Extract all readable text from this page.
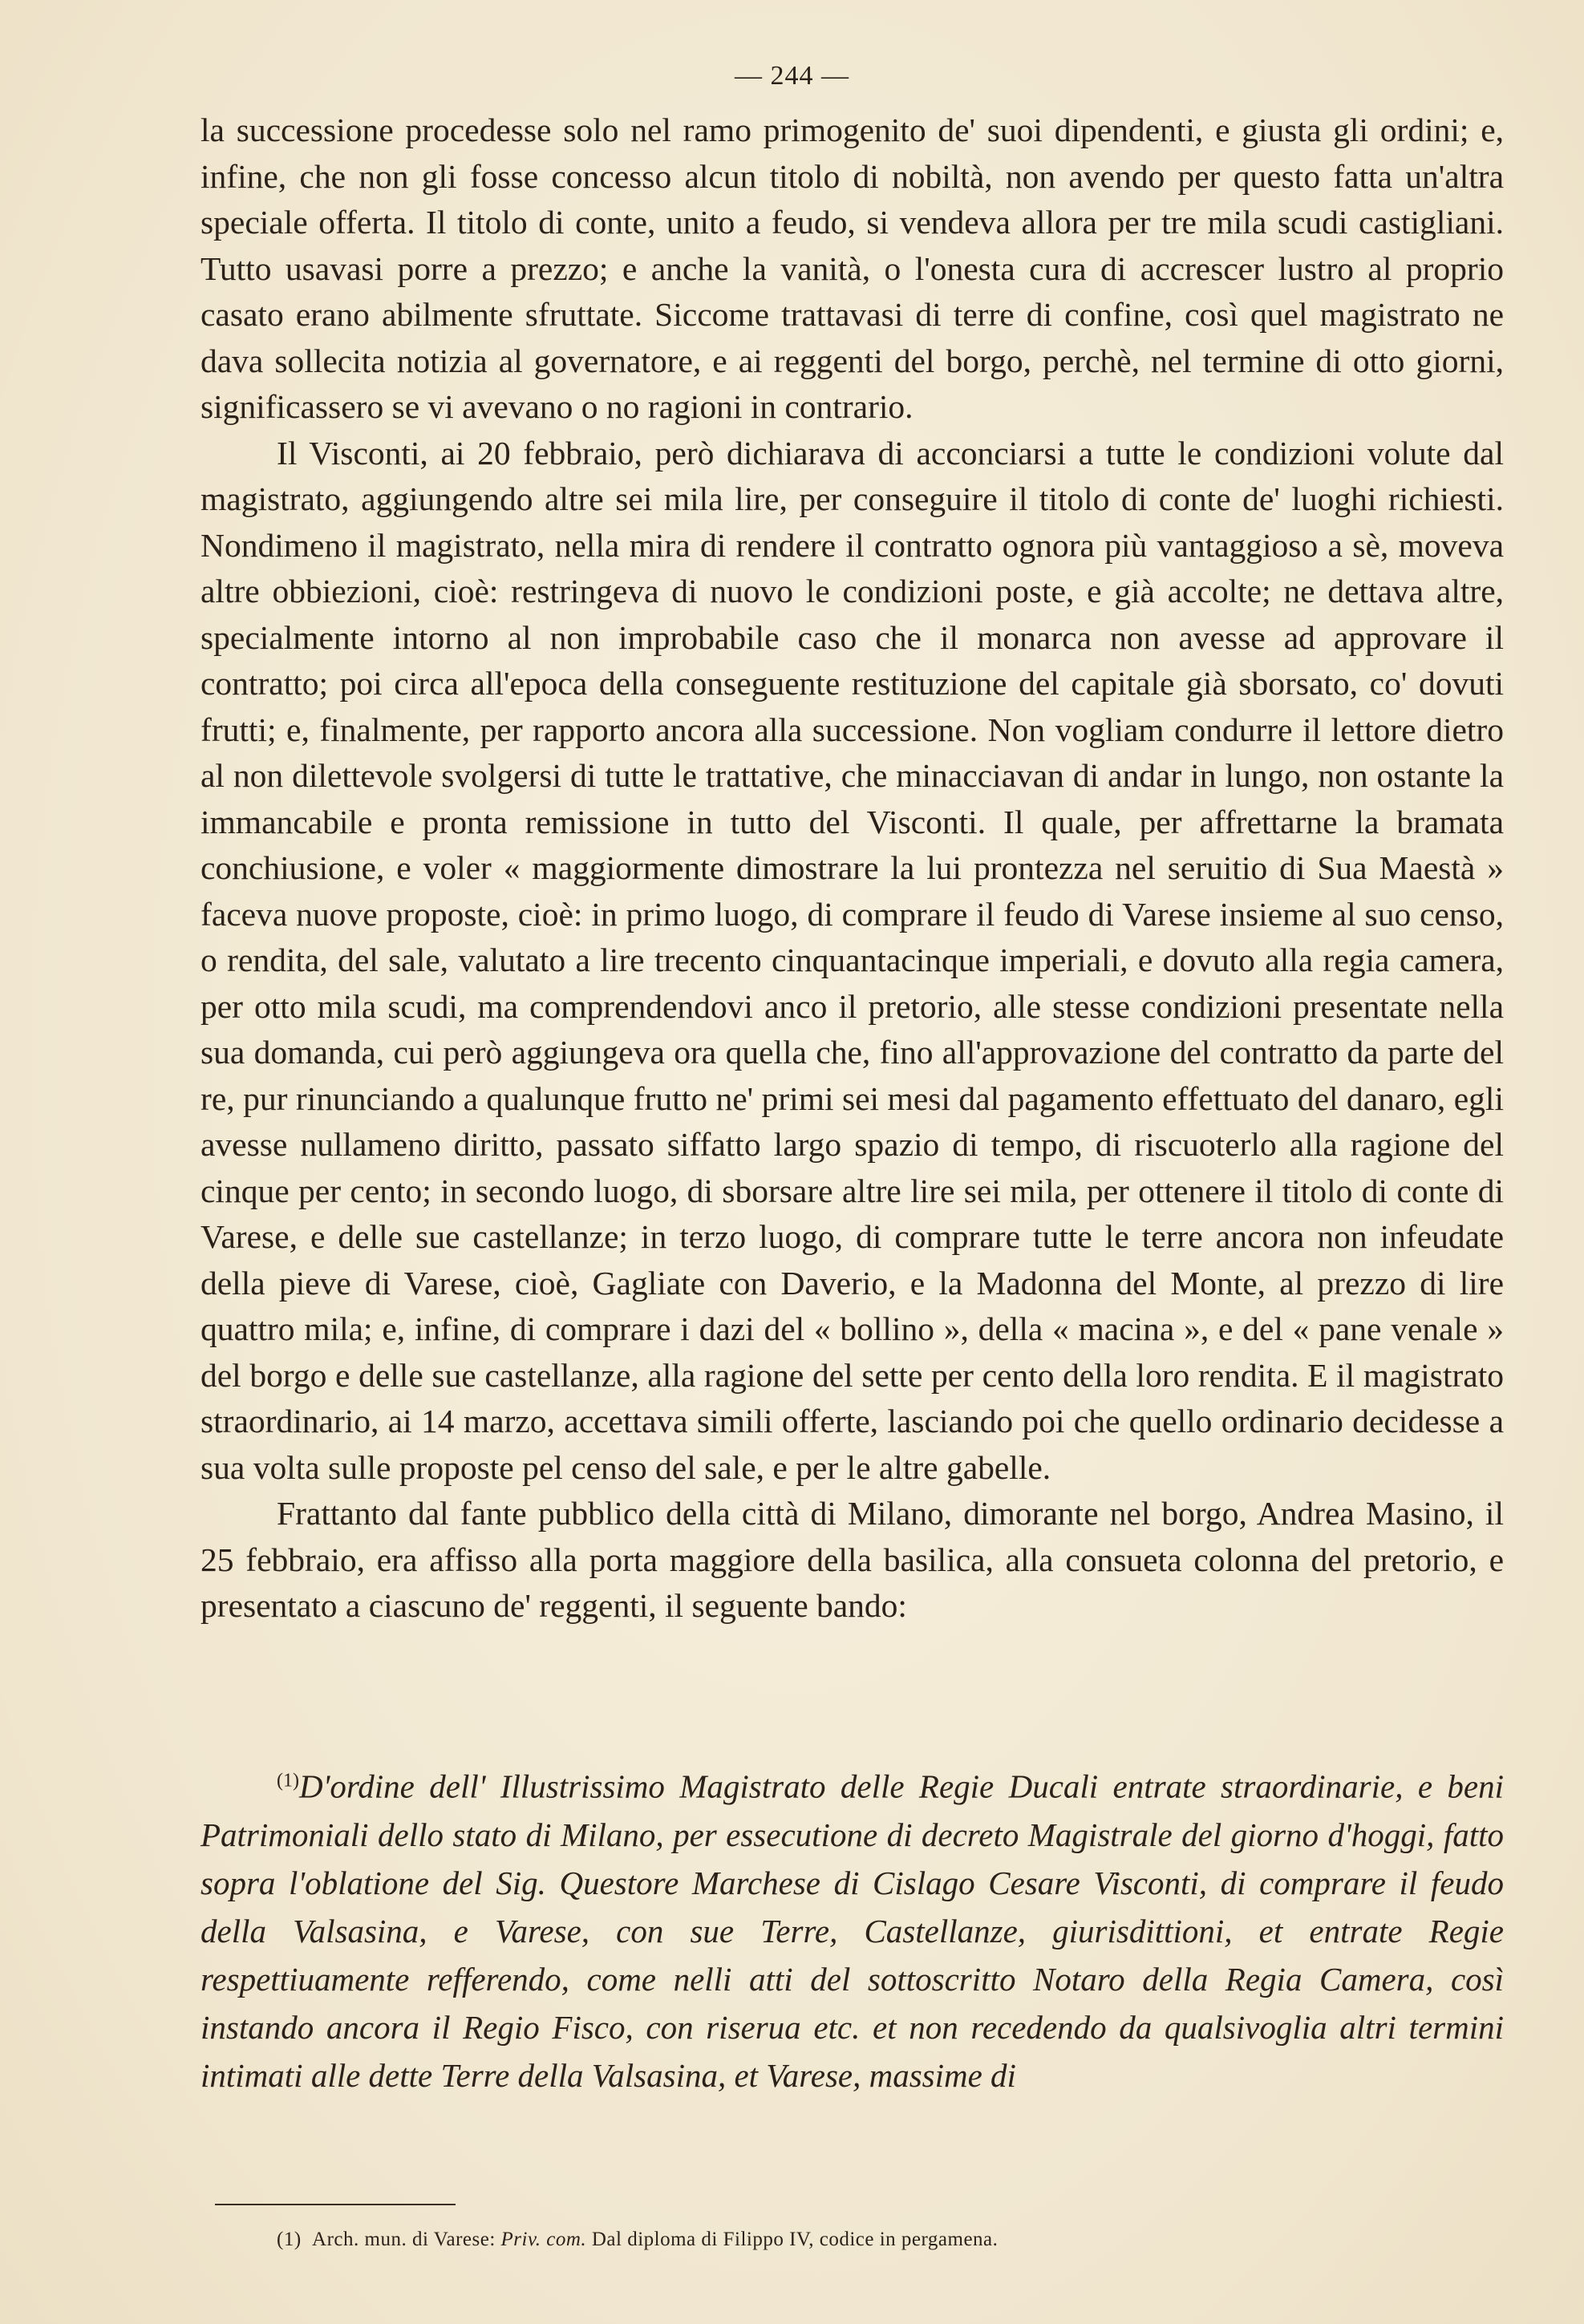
— 244 —

la successione procedesse solo nel ramo primogenito de' suoi dipendenti, e giusta gli ordini; e, infine, che non gli fosse concesso alcun titolo di nobiltà, non avendo per questo fatta un'altra speciale offerta. Il titolo di conte, unito a feudo, si vendeva allora per tre mila scudi castigliani. Tutto usavasi porre a prezzo; e anche la vanità, o l'onesta cura di accrescer lustro al proprio casato erano abilmente sfruttate. Siccome trattavasi di terre di confine, così quel magistrato ne dava sollecita notizia al governatore, e ai reggenti del borgo, perchè, nel termine di otto giorni, significassero se vi avevano o no ragioni in contrario.

Il Visconti, ai 20 febbraio, però dichiarava di acconciarsi a tutte le condizioni volute dal magistrato, aggiungendo altre sei mila lire, per conseguire il titolo di conte de' luoghi richiesti. Nondimeno il magistrato, nella mira di rendere il contratto ognora più vantaggioso a sè, moveva altre obbiezioni, cioè: restringeva di nuovo le condizioni poste, e già accolte; ne dettava altre, specialmente intorno al non improbabile caso che il monarca non avesse ad approvare il contratto; poi circa all'epoca della conseguente restituzione del capitale già sborsato, co' dovuti frutti; e, finalmente, per rapporto ancora alla successione. Non vogliam condurre il lettore dietro al non dilettevole svolgersi di tutte le trattative, che minacciavan di andar in lungo, non ostante la immancabile e pronta remissione in tutto del Visconti. Il quale, per affrettarne la bramata conchiusione, e voler « maggiormente dimostrare la lui prontezza nel seruitio di Sua Maestà » faceva nuove proposte, cioè: in primo luogo, di comprare il feudo di Varese insieme al suo censo, o rendita, del sale, valutato a lire trecento cinquantacinque imperiali, e dovuto alla regia camera, per otto mila scudi, ma comprendendovi anco il pretorio, alle stesse condizioni presentate nella sua domanda, cui però aggiungeva ora quella che, fino all'approvazione del contratto da parte del re, pur rinunciando a qualunque frutto ne' primi sei mesi dal pagamento effettuato del danaro, egli avesse nullameno diritto, passato siffatto largo spazio di tempo, di riscuoterlo alla ragione del cinque per cento; in secondo luogo, di sborsare altre lire sei mila, per ottenere il titolo di conte di Varese, e delle sue castellanze; in terzo luogo, di comprare tutte le terre ancora non infeudate della pieve di Varese, cioè, Gagliate con Daverio, e la Madonna del Monte, al prezzo di lire quattro mila; e, infine, di comprare i dazi del « bollino », della « macina », e del « pane venale » del borgo e delle sue castellanze, alla ragione del sette per cento della loro rendita. E il magistrato straordinario, ai 14 marzo, accettava simili offerte, lasciando poi che quello ordinario decidesse a sua volta sulle proposte pel censo del sale, e per le altre gabelle.

Frattanto dal fante pubblico della città di Milano, dimorante nel borgo, Andrea Masino, il 25 febbraio, era affisso alla porta maggiore della basilica, alla consueta colonna del pretorio, e presentato a ciascuno de' reggenti, il seguente bando:

$^{(1)}$D'ordine dell' Illustrissimo Magistrato delle Regie Ducali entrate straordinarie, e beni Patrimoniali dello stato di Milano, per essecutione di decreto Magistrale del giorno d'hoggi, fatto sopra l'oblatione del Sig. Questore Marchese di Cislago Cesare Visconti, di comprare il feudo della Valsasina, e Varese, con sue Terre, Castellanze, giurisdittioni, et entrate Regie respettiuamente refferendo, come nelli atti del sottoscritto Notaro della Regia Camera, così instando ancora il Regio Fisco, con riserua etc. et non recedendo da qualsivoglia altri termini intimati alle dette Terre della Valsasina, et Varese, massime di
(1) Arch. mun. di Varese: Priv. com. Dal diploma di Filippo IV, codice in pergamena.
